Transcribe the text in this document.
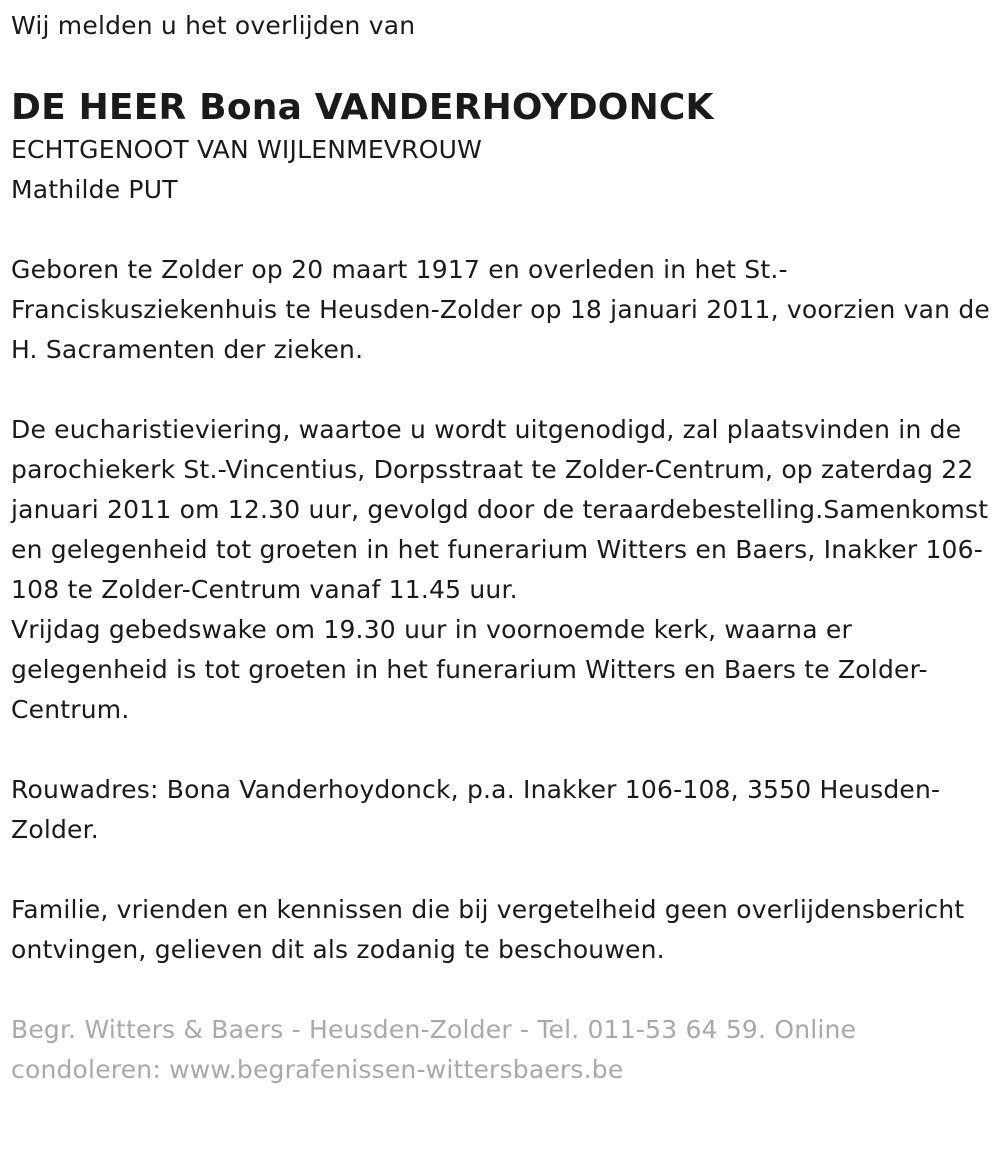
Wij melden u het overlijden van

DE HEER Bona VANDERHOYDONCK

ECHTGENOOT VAN WIJLENMEVROUW

Mathilde PUT

Geboren te Zolder op 20 maart 1917 en overleden in het St.-Franciskusziekenhuis te Heusden-Zolder op 18 januari 2011, voorzien van de H. Sacramenten der zieken.

De eucharistieviering, waartoe u wordt uitgenodigd, zal plaatsvinden in de parochiekerk St.-Vincentius, Dorpsstraat te Zolder-Centrum, op zaterdag 22 januari 2011 om 12.30 uur, gevolgd door de teraardebestelling.Samenkomst en gelegenheid tot groeten in het funerarium Witters en Baers, Inakker 106-108 te Zolder-Centrum vanaf 11.45 uur.

Vrijdag gebedswake om 19.30 uur in voornoemde kerk, waarna er gelegenheid is tot groeten in het funerarium Witters en Baers te Zolder-Centrum.

Rouwadres: Bona Vanderhoydonck, p.a. Inakker 106-108, 3550 Heusden-Zolder.

Familie, vrienden en kennissen die bij vergetelheid geen overlijdensbericht ontvingen, gelieven dit als zodanig te beschouwen.

Begr. Witters & Baers - Heusden-Zolder - Tel. 011-53 64 59. Online condoleren: www.begrafenissen-wittersbaers.be
